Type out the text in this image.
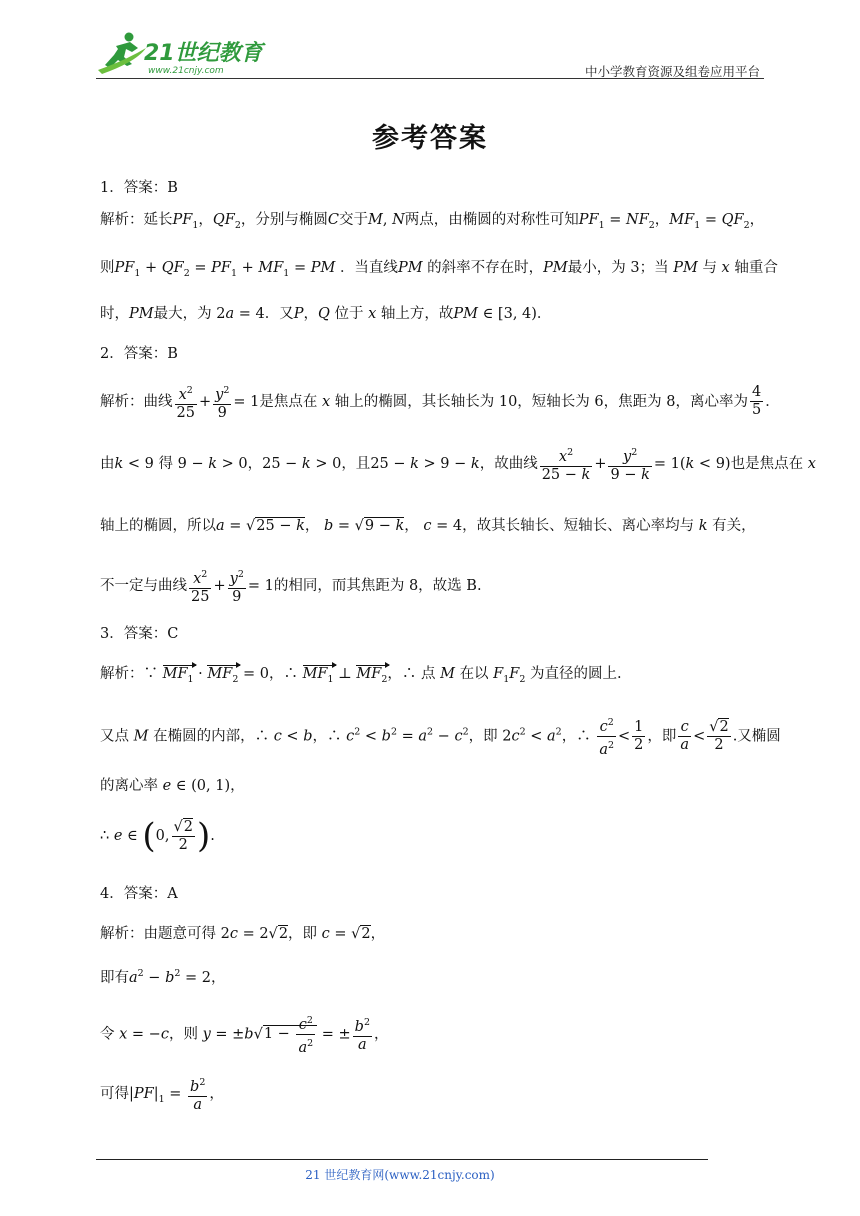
21世纪教育
www.21cnjy.com	中小学教育资源及组卷应用平台
参考答案
1．答案：B
解析：延长$PF_1$，$QF_2$，分别与椭圆C交于M, N两点，由椭圆的对称性可知$PF_1 = NF_2$，$MF_1 = QF_2$，
则$PF_1 + QF_2 = PF_1 + MF_1$ = PM ．当直线PM 的斜率不存在时，PM最小，为 3；当 PM 与 x 轴重合
时，PM最大，为 2a = 4．又P，Q 位于 x 轴上方，故PM ∈ [3, 4)．
2．答案：B
解析：曲线 $\frac{x^2}{25} + \frac{y^2}{9} = 1$是焦点在 x 轴上的椭圆，其长轴长为 10，短轴长为 6，焦距为 8，离心率为 $\frac{4}{5}$ ．
由k < 9 得 9 − k > 0，25 − k > 0，且25 − k > 9 − k，故曲线 $\frac{x^2}{25 - k} + \frac{y^2}{9 - k} = 1(k < 9)$也是焦点在 x
轴上的椭圆，所以a = √25 − k， b = √9 − k， c = 4，故其长轴长、短轴长、离心率均与 k 有关，
不一定与曲线 $\frac{x^2}{25} + \frac{y^2}{9} = 1$的相同，而其焦距为 8，故选 B.
3．答案：C
解析：∵ $MF_1 \cdot MF_2 = 0$，∴ $MF_1$ ⊥ $MF_2$，∴ 点 M 在以 $F_1F_2$ 为直径的圆上.
又点 M 在椭圆的内部，∴ c < b，∴ $c^2 < b^2 = a^2 - c^2$，即 $2c^2 < a^2$，∴ $\frac{c^2}{a^2} < \frac{1}{2}$ ，即 $\frac{c}{a} < \frac{√2}{2}$ .又椭圆
的离心率 e ∈ (0, 1)，
∴ e ∈ (0, $\frac{√2}{2}$ ).
4．答案：A
解析：由题意可得 2c = 2√2，即 c = √2，
即有$a^2 - b^2 = 2$，
令 x = −c，则 $y = \pm b√1 - \frac{c^2}{a^2}$ = ± $\frac{b^2}{a}$ ，
可得$|PF|_1 = \frac{b^2}{a}$ ，
21 世纪教育网(www.21cnjy.com)
